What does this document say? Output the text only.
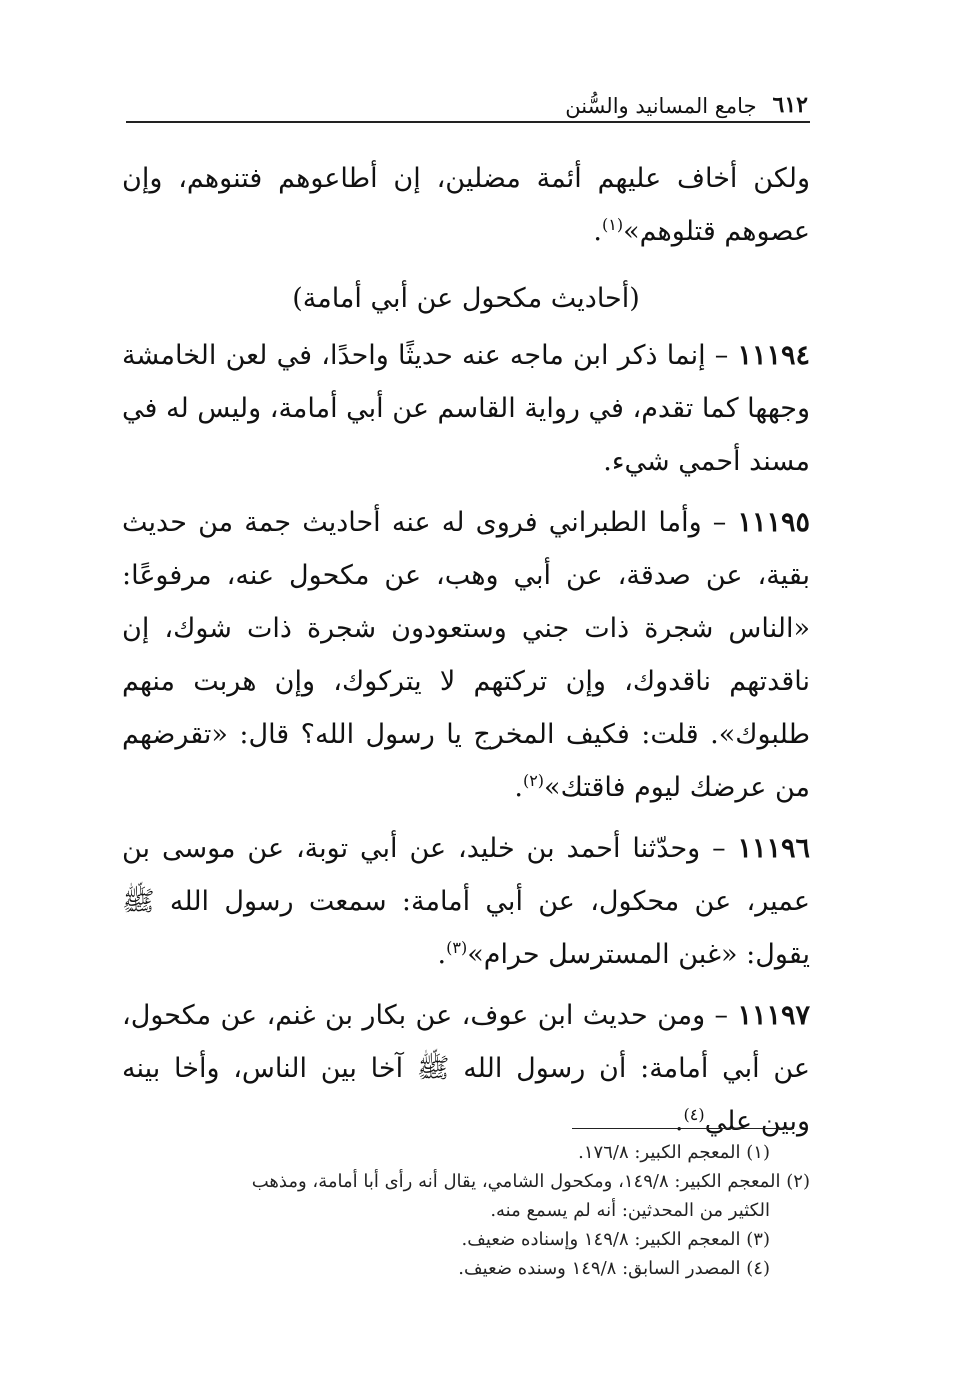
٦١٢
جامع المسانيد والسُّنن

ولكن أخاف عليهم أئمة مضلين، إن أطاعوهم فتنوهم، وإن عصوهم قتلوهم»$^{(١)}$.

(أحاديث مكحول عن أبي أمامة)

١١١٩٤ – إنما ذكر ابن ماجه عنه حديثًا واحدًا، في لعن الخامشة وجهها كما تقدم، في رواية القاسم عن أبي أمامة، وليس له في مسند أحمي شيء.

١١١٩٥ – وأما الطبراني فروى له عنه أحاديث جمة من حديث بقية، عن صدقة، عن أبي وهب، عن مكحول عنه، مرفوعًا: «الناس شجرة ذات جني وستعودون شجرة ذات شوك، إن ناقدتهم ناقدوك، وإن تركتهم لا يتركوك، وإن هربت منهم طلبوك». قلت: فكيف المخرج يا رسول الله؟ قال: «تقرضهم من عرضك ليوم فاقتك»$^{(٢)}$.

١١١٩٦ – وحدّثنا أحمد بن خليد، عن أبي توبة، عن موسى بن عمير، عن محكول، عن أبي أمامة: سمعت رسول الله ﷺ يقول: «غبن المسترسل حرام»$^{(٣)}$.

١١١٩٧ – ومن حديث ابن عوف، عن بكار بن غنم، عن مكحول، عن أبي أمامة: أن رسول الله ﷺ آخا بين الناس، وأخا بينه وبين علي$^{(٤)}$.

(١) المعجم الكبير: ١٧٦/٨.

(٢) المعجم الكبير: ١٤٩/٨، ومكحول الشامي، يقال أنه رأى أبا أمامة، ومذهب

الكثير من المحدثين: أنه لم يسمع منه.

(٣) المعجم الكبير: ١٤٩/٨ وإسناده ضعيف.

(٤) المصدر السابق: ١٤٩/٨ وسنده ضعيف.
